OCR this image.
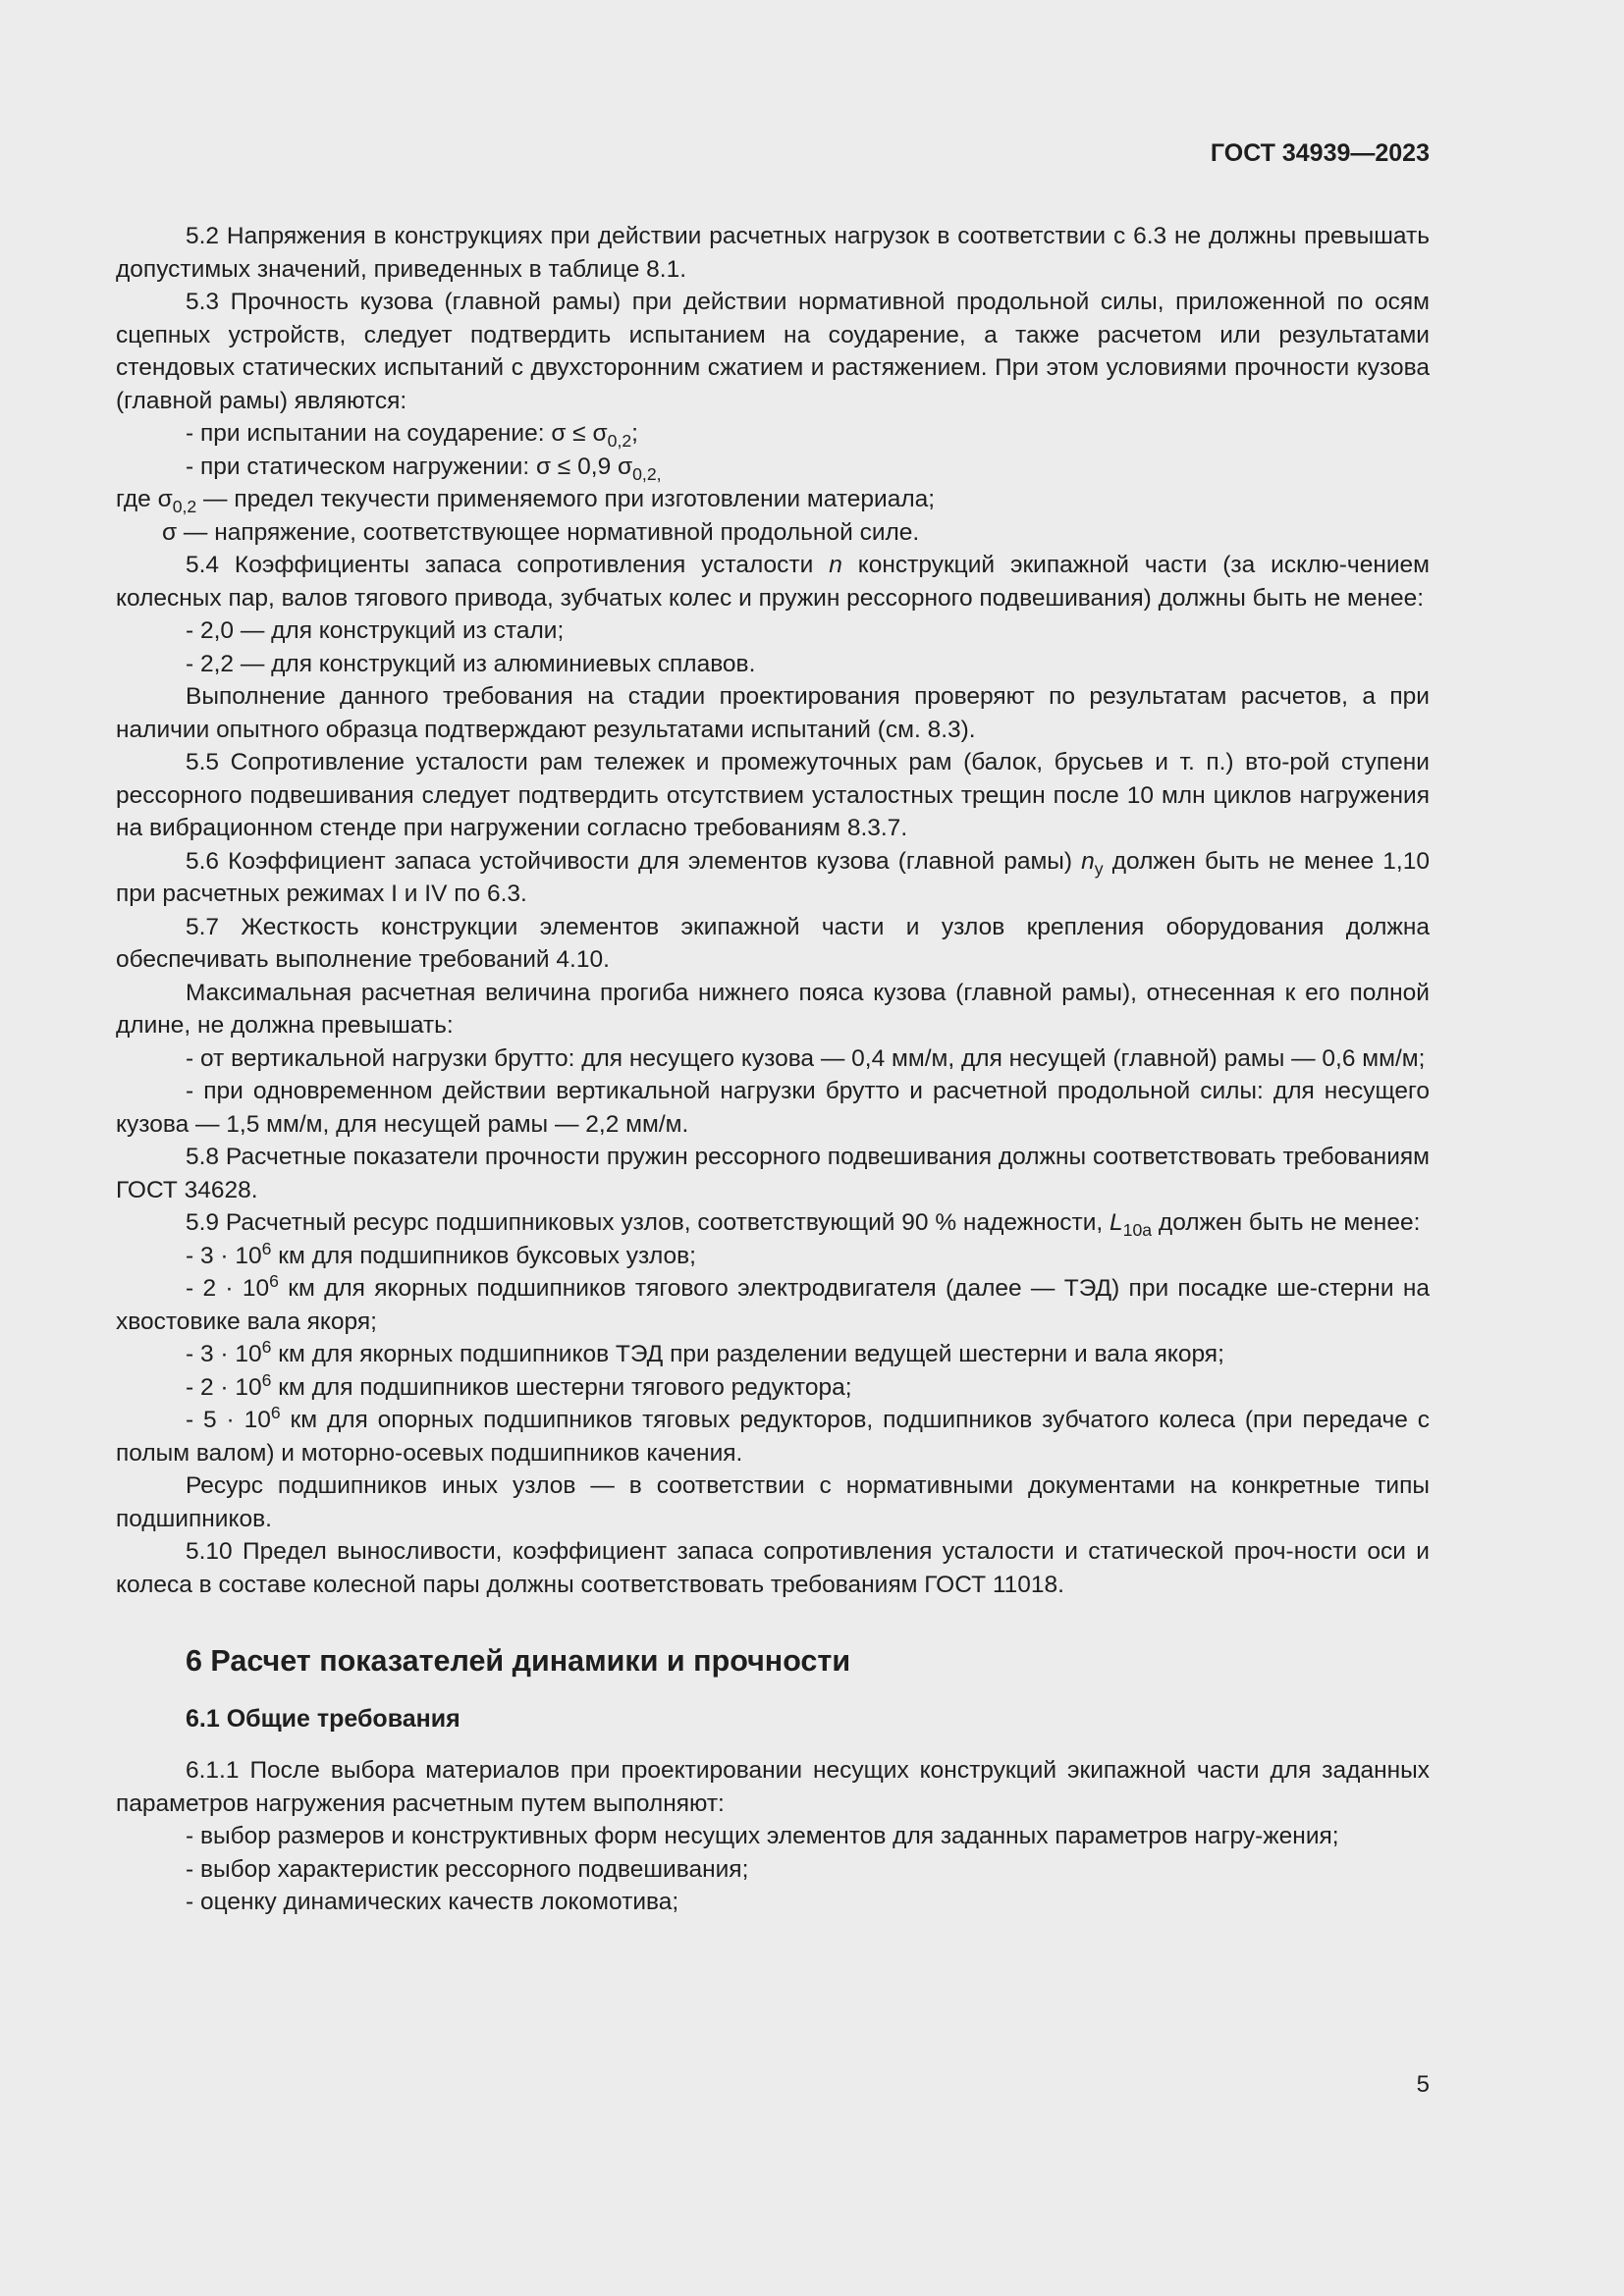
ГОСТ 34939—2023

5.2 Напряжения в конструкциях при действии расчетных нагрузок в соответствии с 6.3 не должны превышать допустимых значений, приведенных в таблице 8.1.

5.3 Прочность кузова (главной рамы) при действии нормативной продольной силы, приложенной по осям сцепных устройств, следует подтвердить испытанием на соударение, а также расчетом или результатами стендовых статических испытаний с двухсторонним сжатием и растяжением. При этом условиями прочности кузова (главной рамы) являются:

- при испытании на соударение: $\sigma \le \sigma_{0,2}$;

- при статическом нагружении: σ ≤ 0,9 $\sigma_{0,2,}$

где $\sigma_{0,2}$ — предел текучести применяемого при изготовлении материала;

σ — напряжение, соответствующее нормативной продольной силе.

5.4 Коэффициенты запаса сопротивления усталости n конструкций экипажной части (за исклю-чением колесных пар, валов тягового привода, зубчатых колес и пружин рессорного подвешивания) должны быть не менее:

- 2,0 — для конструкций из стали;

- 2,2 — для конструкций из алюминиевых сплавов.

Выполнение данного требования на стадии проектирования проверяют по результатам расчетов, а при наличии опытного образца подтверждают результатами испытаний (см. 8.3).

5.5 Сопротивление усталости рам тележек и промежуточных рам (балок, брусьев и т. п.) вто-рой ступени рессорного подвешивания следует подтвердить отсутствием усталостных трещин после 10 млн циклов нагружения на вибрационном стенде при нагружении согласно требованиям 8.3.7.

5.6 Коэффициент запаса устойчивости для элементов кузова (главной рамы) $n_у$ должен быть не менее 1,10 при расчетных режимах I и IV по 6.3.

5.7 Жесткость конструкции элементов экипажной части и узлов крепления оборудования должна обеспечивать выполнение требований 4.10.

Максимальная расчетная величина прогиба нижнего пояса кузова (главной рамы), отнесенная к его полной длине, не должна превышать:

- от вертикальной нагрузки брутто: для несущего кузова — 0,4 мм/м, для несущей (главной) рамы — 0,6 мм/м;

- при одновременном действии вертикальной нагрузки брутто и расчетной продольной силы: для несущего кузова — 1,5 мм/м, для несущей рамы — 2,2 мм/м.

5.8 Расчетные показатели прочности пружин рессорного подвешивания должны соответствовать требованиям ГОСТ 34628.

5.9 Расчетный ресурс подшипниковых узлов, соответствующий 90 % надежности, $L_{10a}$ должен быть не менее:

- $3 \cdot 10^6$ км для подшипников буксовых узлов;

- $2 \cdot 10^6$ км для якорных подшипников тягового электродвигателя (далее — ТЭД) при посадке ше-стерни на хвостовике вала якоря;

- $3 \cdot 10^6$ км для якорных подшипников ТЭД при разделении ведущей шестерни и вала якоря;

- $2 \cdot 10^6$ км для подшипников шестерни тягового редуктора;

- $5 \cdot 10^6$ км для опорных подшипников тяговых редукторов, подшипников зубчатого колеса (при передаче с полым валом) и моторно-осевых подшипников качения.

Ресурс подшипников иных узлов — в соответствии с нормативными документами на конкретные типы подшипников.

5.10 Предел выносливости, коэффициент запаса сопротивления усталости и статической проч-ности оси и колеса в составе колесной пары должны соответствовать требованиям ГОСТ 11018.

6 Расчет показателей динамики и прочности
6.1 Общие требования

6.1.1 После выбора материалов при проектировании несущих конструкций экипажной части для заданных параметров нагружения расчетным путем выполняют:

- выбор размеров и конструктивных форм несущих элементов для заданных параметров нагру-жения;

- выбор характеристик рессорного подвешивания;

- оценку динамических качеств локомотива;

5
